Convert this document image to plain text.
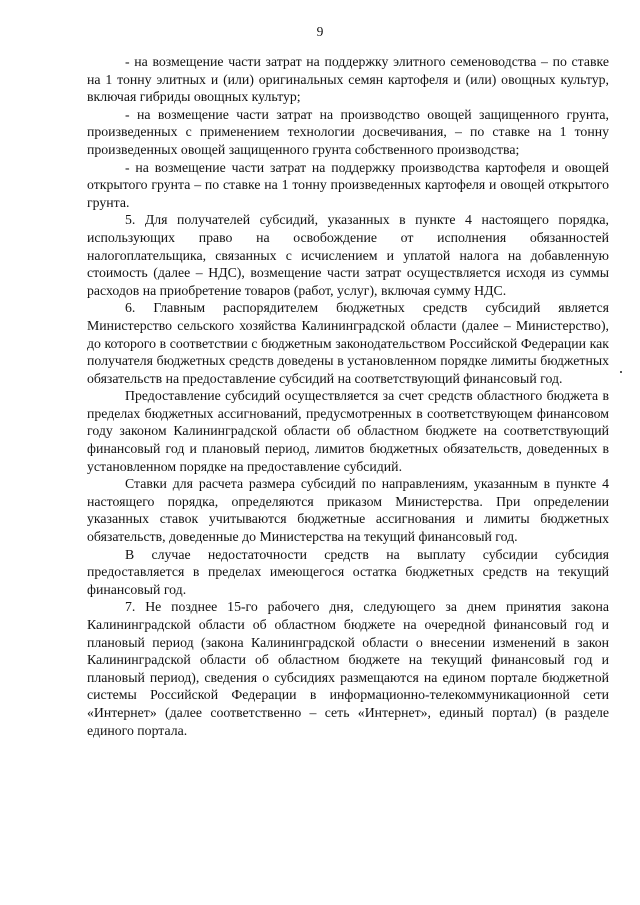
9

- на возмещение части затрат на поддержку элитного семеноводства – по ставке на 1 тонну элитных и (или) оригинальных семян картофеля и (или) овощных культур, включая гибриды овощных культур;

- на возмещение части затрат на производство овощей защищенного грунта, произведенных с применением технологии досвечивания, – по ставке на 1 тонну произведенных овощей защищенного грунта собственного производства;

- на возмещение части затрат на поддержку производства картофеля и овощей открытого грунта – по ставке на 1 тонну произведенных картофеля и овощей открытого грунта.

5. Для получателей субсидий, указанных в пункте 4 настоящего порядка, использующих право на освобождение от исполнения обязанностей налогоплательщика, связанных с исчислением и уплатой налога на добавленную стоимость (далее – НДС), возмещение части затрат осуществляется исходя из суммы расходов на приобретение товаров (работ, услуг), включая сумму НДС.

6. Главным распорядителем бюджетных средств субсидий является Министерство сельского хозяйства Калининградской области (далее – Министерство), до которого в соответствии с бюджетным законодательством Российской Федерации как получателя бюджетных средств доведены в установленном порядке лимиты бюджетных обязательств на предоставление субсидий на соответствующий финансовый год.

Предоставление субсидий осуществляется за счет средств областного бюджета в пределах бюджетных ассигнований, предусмотренных в соответствующем финансовом году законом Калининградской области об областном бюджете на соответствующий финансовый год и плановый период, лимитов бюджетных обязательств, доведенных в установленном порядке на предоставление субсидий.

Ставки для расчета размера субсидий по направлениям, указанным в пункте 4 настоящего порядка, определяются приказом Министерства. При определении указанных ставок учитываются бюджетные ассигнования и лимиты бюджетных обязательств, доведенные до Министерства на текущий финансовый год.

В случае недостаточности средств на выплату субсидии субсидия предоставляется в пределах имеющегося остатка бюджетных средств на текущий финансовый год.

7. Не позднее 15-го рабочего дня, следующего за днем принятия закона Калининградской области об областном бюджете на очередной финансовый год и плановый период (закона Калининградской области о внесении изменений в закон Калининградской области об областном бюджете на текущий финансовый год и плановый период), сведения о субсидиях размещаются на едином портале бюджетной системы Российской Федерации в информационно-телекоммуникационной сети «Интернет» (далее соответственно – сеть «Интернет», единый портал) (в разделе единого портала.
